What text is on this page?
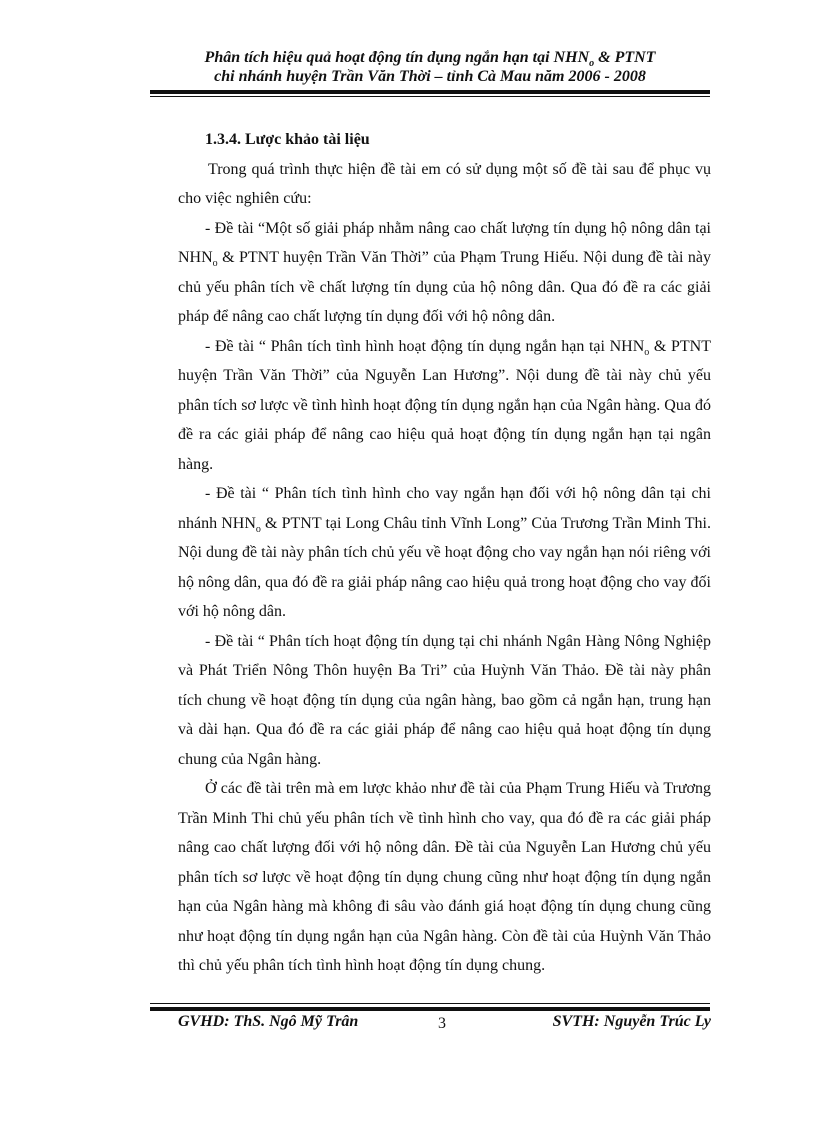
Phân tích hiệu quả hoạt động tín dụng ngắn hạn tại $NHN_o$ & PTNT
chi nhánh huyện Trần Văn Thời – tỉnh Cà Mau năm 2006 - 2008
1.3.4. Lược khảo tài liệu

Trong quá trình thực hiện đề tài em có sử dụng một số đề tài sau để phục vụ cho việc nghiên cứu:

- Đề tài “Một số giải pháp nhằm nâng cao chất lượng tín dụng hộ nông dân tại $NHN_o$ & PTNT huyện Trần Văn Thời” của Phạm Trung Hiếu. Nội dung đề tài này chủ yếu phân tích về chất lượng tín dụng của hộ nông dân. Qua đó đề ra các giải pháp để nâng cao chất lượng tín dụng đối với hộ nông dân.

- Đề tài “ Phân tích tình hình hoạt động tín dụng ngắn hạn tại $NHN_o$ & PTNT huyện Trần Văn Thời” của Nguyễn Lan Hương”. Nội dung đề tài này chủ yếu phân tích sơ lược về tình hình hoạt động tín dụng ngắn hạn của Ngân hàng. Qua đó đề ra các giải pháp để nâng cao hiệu quả hoạt động tín dụng ngắn hạn tại ngân hàng.

- Đề tài “ Phân tích tình hình cho vay ngắn hạn đối với hộ nông dân tại chi nhánh $NHN_o$ & PTNT tại Long Châu tỉnh Vĩnh Long” Của Trương Trần Minh Thi. Nội dung đề tài này phân tích chủ yếu về hoạt động cho vay ngắn hạn nói riêng với hộ nông dân, qua đó đề ra giải pháp nâng cao hiệu quả trong hoạt động cho vay đối với hộ nông dân.

- Đề tài “ Phân tích hoạt động tín dụng tại chi nhánh Ngân Hàng Nông Nghiệp và Phát Triển Nông Thôn huyện Ba Tri” của Huỳnh Văn Thảo. Đề tài này phân tích chung về hoạt động tín dụng của ngân hàng, bao gồm cả ngắn hạn, trung hạn và dài hạn. Qua đó đề ra các giải pháp để nâng cao hiệu quả hoạt động tín dụng chung của Ngân hàng.

Ở các đề tài trên mà em lược khảo như đề tài của Phạm Trung Hiếu và Trương Trần Minh Thi chủ yếu phân tích về tình hình cho vay, qua đó đề ra các giải pháp nâng cao chất lượng đối với hộ nông dân. Đề tài của Nguyễn Lan Hương chủ yếu phân tích sơ lược về hoạt động tín dụng chung cũng như hoạt động tín dụng ngắn hạn của Ngân hàng mà không đi sâu vào đánh giá hoạt động tín dụng chung cũng như hoạt động tín dụng ngắn hạn của Ngân hàng. Còn đề tài của Huỳnh Văn Thảo thì chủ yếu phân tích tình hình hoạt động tín dụng chung.

GVHD: ThS. Ngô Mỹ Trân	3	SVTH: Nguyễn Trúc Ly
